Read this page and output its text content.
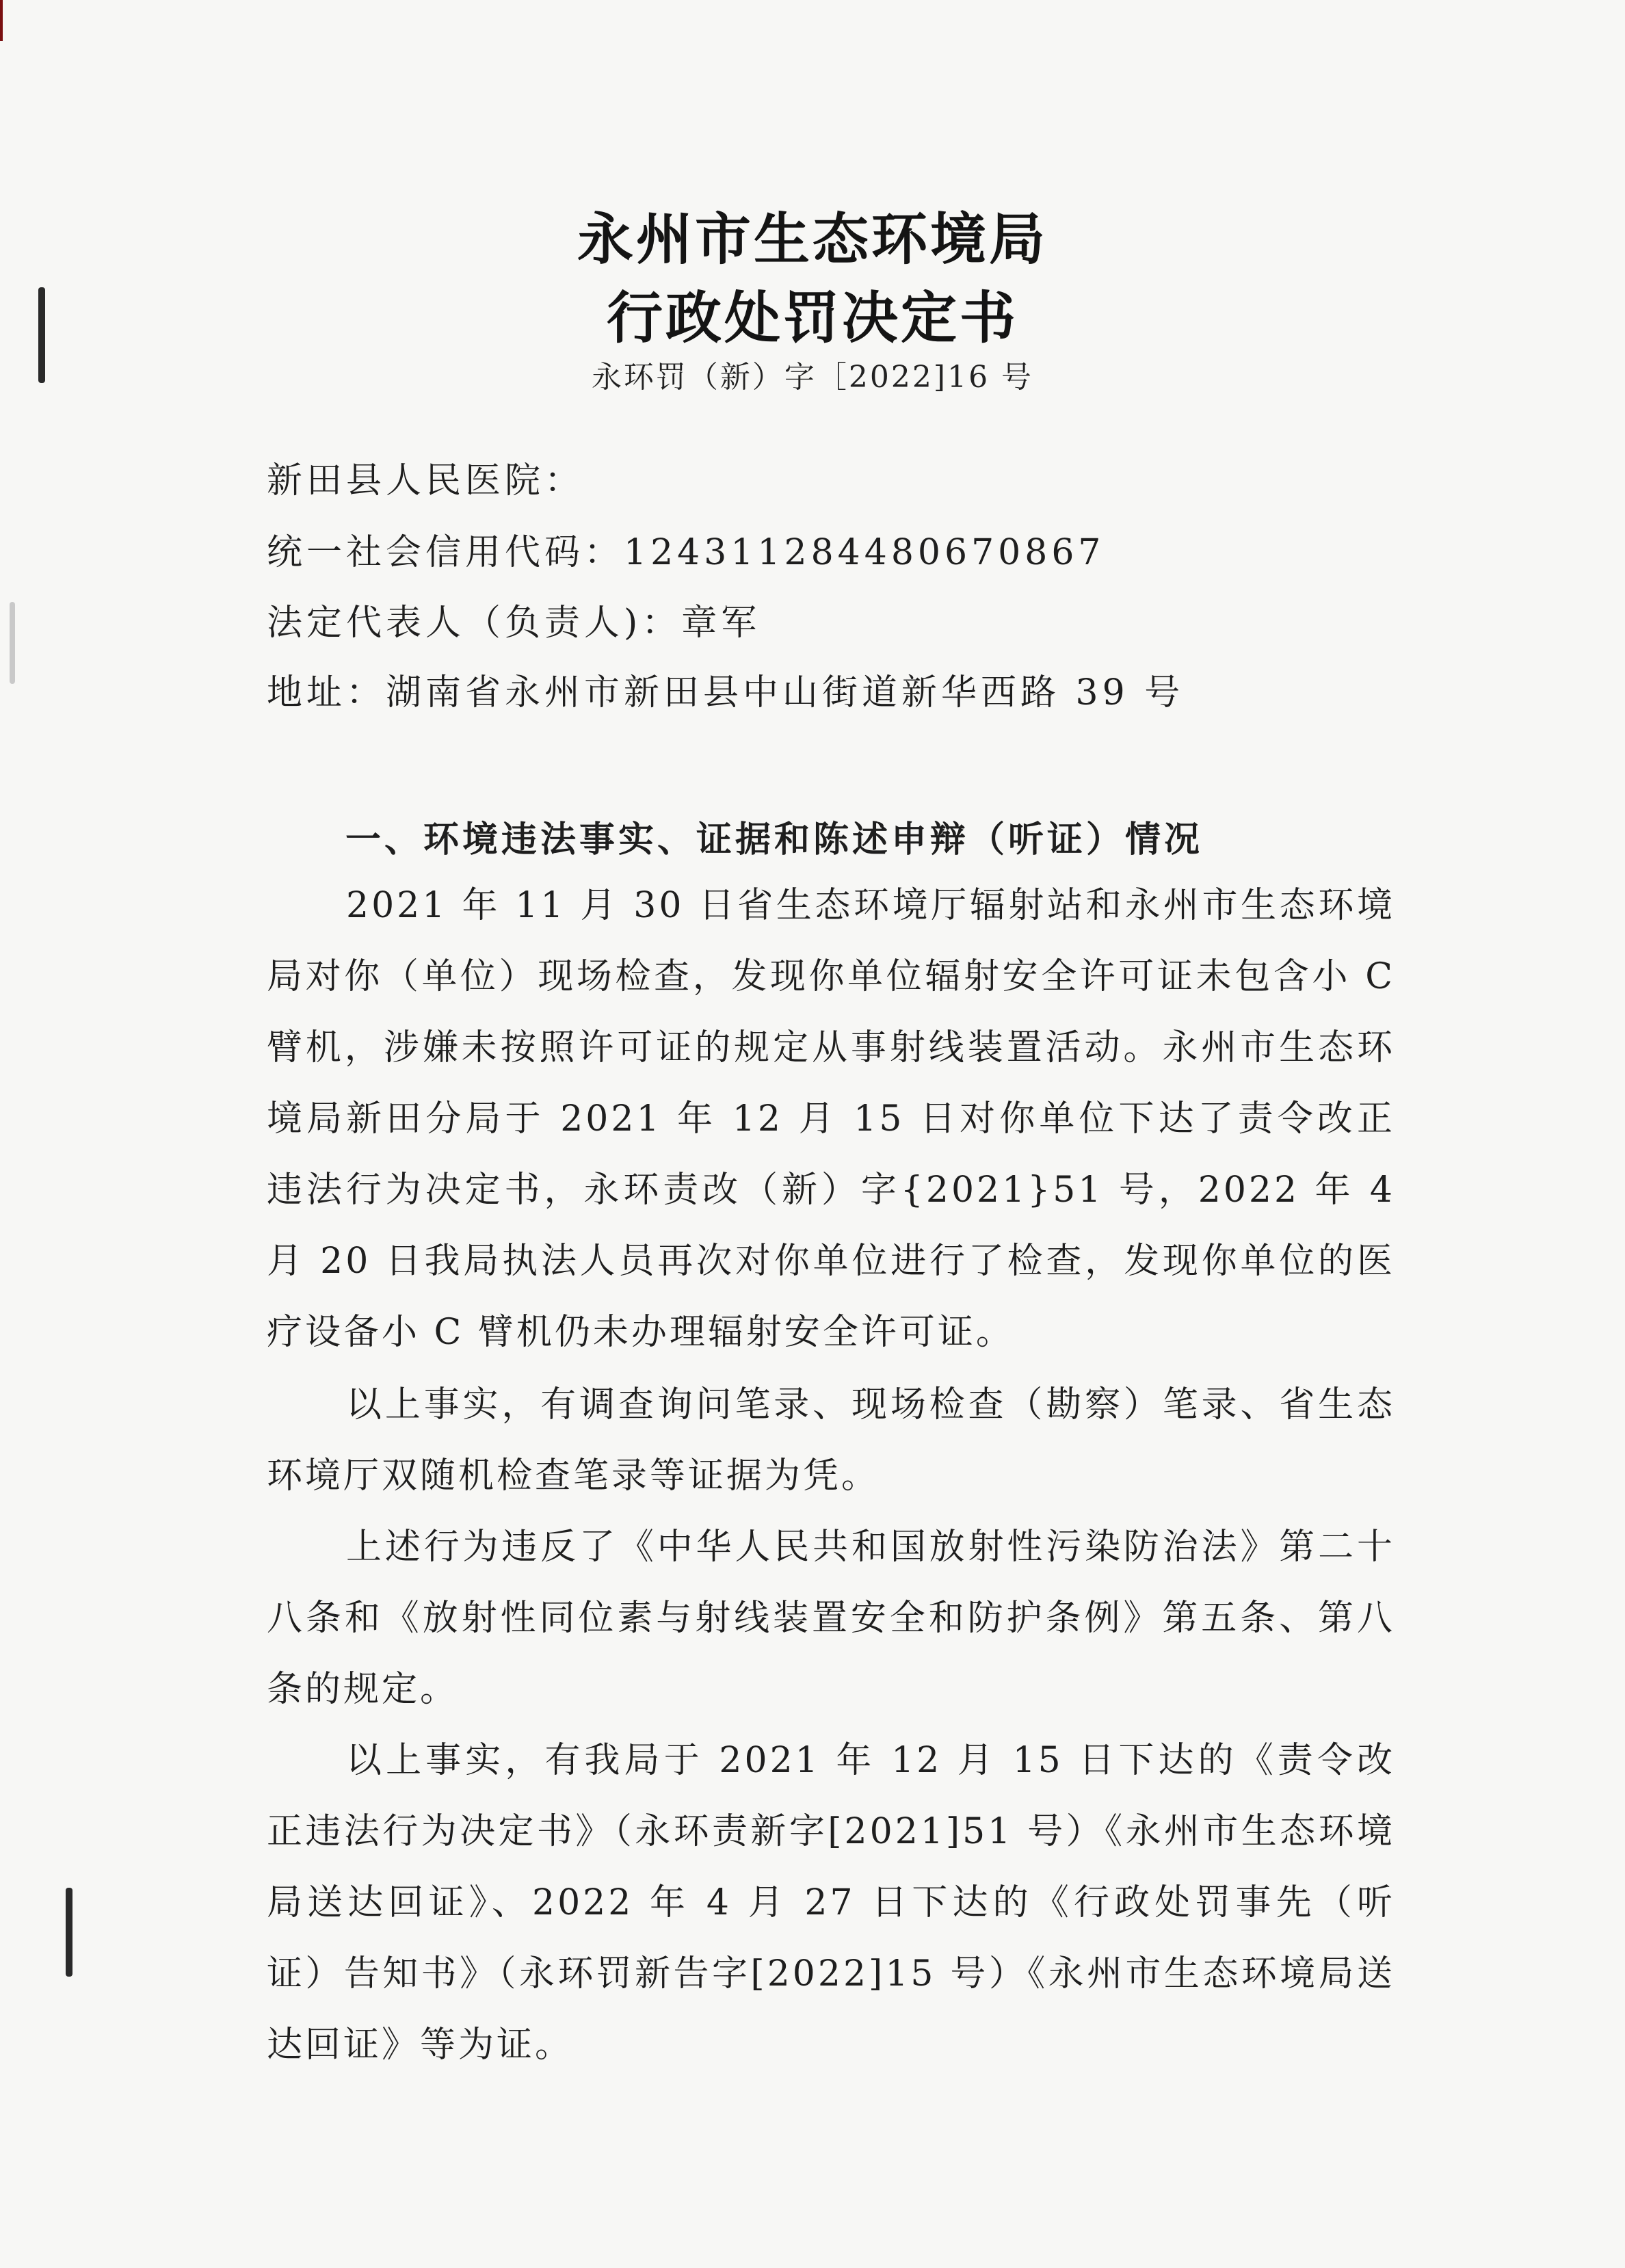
永州市生态环境局
行政处罚决定书
永环罚（新）字［2022]16 号
新田县人民医院：
统一社会信用代码：124311284480670867
法定代表人（负责人)：章军
地址：湖南省永州市新田县中山街道新华西路 39 号
一、环境违法事实、证据和陈述申辩（听证）情况

2021 年 11 月 30 日省生态环境厅辐射站和永州市生态环境局对你（单位）现场检查，发现你单位辐射安全许可证未包含小 C 臂机，涉嫌未按照许可证的规定从事射线装置活动。永州市生态环境局新田分局于 2021 年 12 月 15 日对你单位下达了责令改正违法行为决定书，永环责改（新）字{2021}51 号，2022 年 4 月 20 日我局执法人员再次对你单位进行了检查，发现你单位的医疗设备小 C 臂机仍未办理辐射安全许可证。

以上事实，有调查询问笔录、现场检查（勘察）笔录、省生态环境厅双随机检查笔录等证据为凭。

上述行为违反了《中华人民共和国放射性污染防治法》第二十八条和《放射性同位素与射线装置安全和防护条例》第五条、第八条的规定。

以上事实，有我局于 2021 年 12 月 15 日下达的《责令改正违法行为决定书》（永环责新字[2021]51 号）《永州市生态环境局送达回证》、2022 年 4 月 27 日下达的《行政处罚事先（听证）告知书》（永环罚新告字[2022]15 号）《永州市生态环境局送达回证》等为证。
